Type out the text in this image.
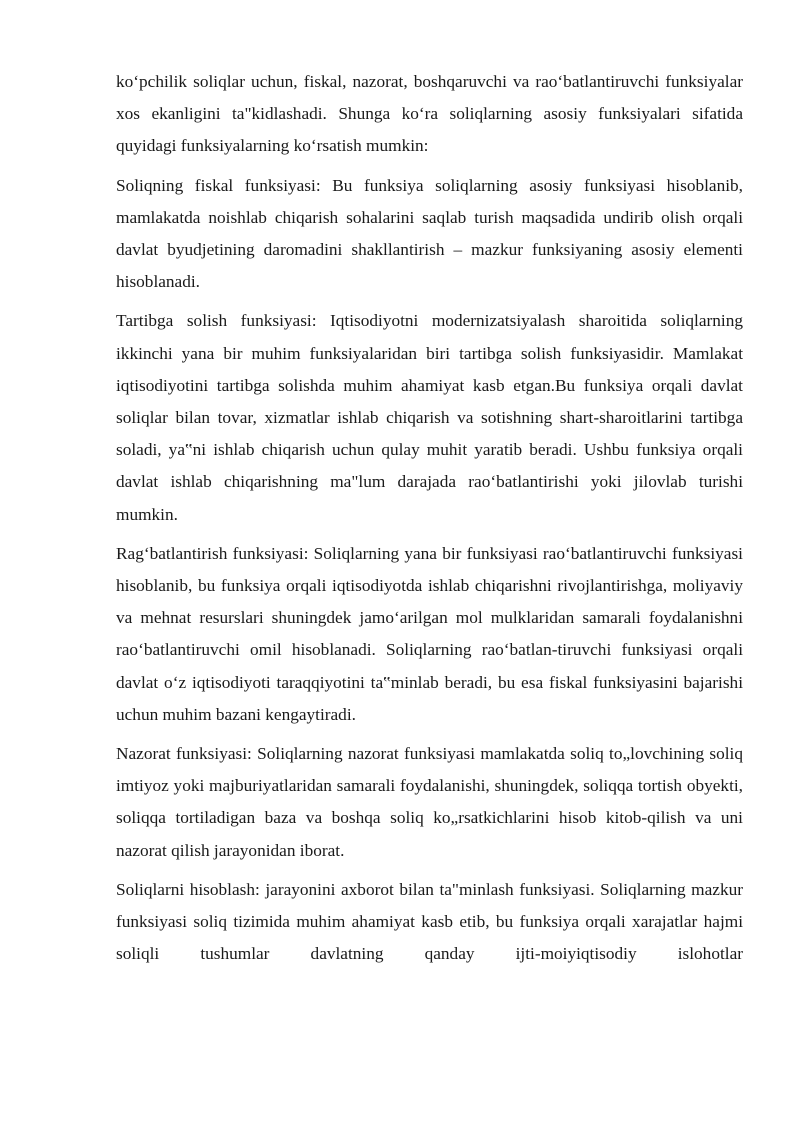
ko‘pchilik soliqlar uchun, fiskal, nazorat, boshqaruvchi va rao‘batlantiruvchi funksiyalar xos ekanligini ta"kidlashadi. Shunga ko‘ra soliqlarning asosiy funksiyalari sifatida quyidagi funksiyalarning ko‘rsatish mumkin:

Soliqning fiskal funksiyasi: Bu funksiya soliqlarning asosiy funksiyasi hisoblanib, mamlakatda noishlab chiqarish sohalarini saqlab turish maqsadida undirib olish orqali davlat byudjetining daromadini shakllantirish – mazkur funksiyaning asosiy elementi hisoblanadi.

Tartibga solish funksiyasi: Iqtisodiyotni modernizatsiyalash sharoitida soliqlarning ikkinchi yana bir muhim funksiyalaridan biri tartibga solish funksiyasidir. Mamlakat iqtisodiyotini tartibga solishda muhim ahamiyat kasb etgan.Bu funksiya orqali davlat soliqlar bilan tovar, xizmatlar ishlab chiqarish va sotishning shart-sharoitlarini tartibga soladi, ya‟ni ishlab chiqarish uchun qulay muhit yaratib beradi. Ushbu funksiya orqali davlat ishlab chiqarishning ma"lum darajada rao‘batlantirishi yoki jilovlab turishi mumkin.

Rag‘batlantirish funksiyasi: Soliqlarning yana bir funksiyasi rao‘batlantiruvchi funksiyasi hisoblanib, bu funksiya orqali iqtisodiyotda ishlab chiqarishni rivojlantirishga, moliyaviy va mehnat resurslari shuningdek jamo‘arilgan mol mulklaridan samarali foydalanishni rao‘batlantiruvchi omil hisoblanadi. Soliqlarning rao‘batlan-tiruvchi funksiyasi orqali davlat o‘z iqtisodiyoti taraqqiyotini ta‟minlab beradi, bu esa fiskal funksiyasini bajarishi uchun muhim bazani kengaytiradi.

Nazorat funksiyasi: Soliqlarning nazorat funksiyasi mamlakatda soliq to„lovchining soliq imtiyoz yoki majburiyatlaridan samarali foydalanishi, shuningdek, soliqqa tortish obyekti, soliqqa tortiladigan baza va boshqa soliq ko„rsatkichlarini hisob kitob-qilish va uni nazorat qilish jarayonidan iborat.

Soliqlarni hisoblash: jarayonini axborot bilan ta"minlash funksiyasi. Soliqlarning mazkur funksiyasi soliq tizimida muhim ahamiyat kasb etib, bu funksiya orqali xarajatlar hajmi soliqli tushumlar davlatning qanday ijti-moiyiqtisodiy islohotlar
